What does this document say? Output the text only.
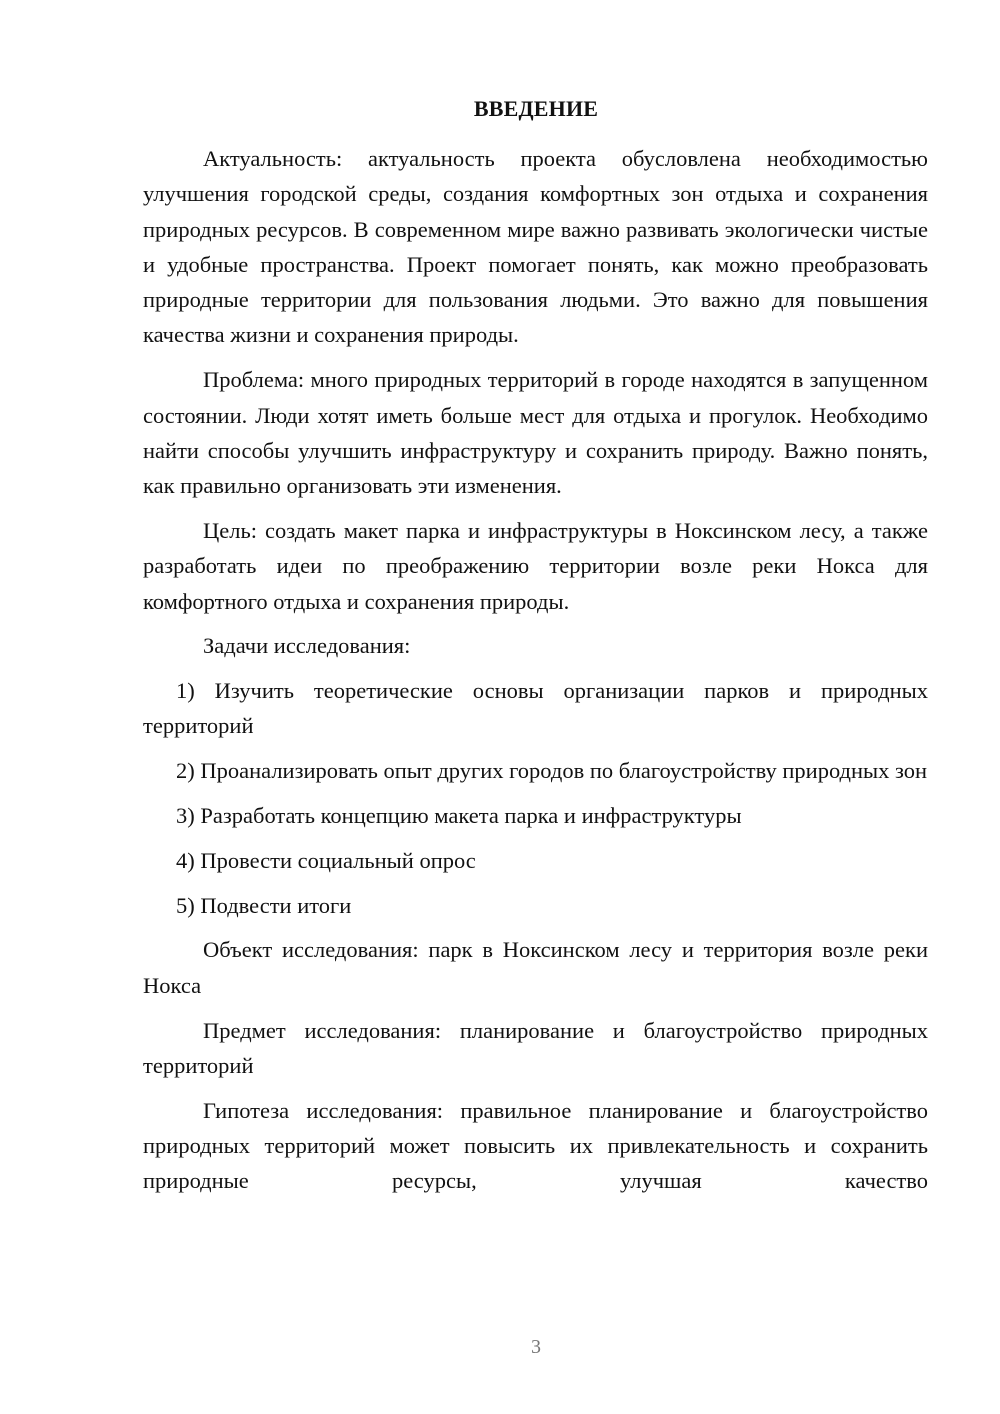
ВВЕДЕНИЕ

Актуальность: актуальность проекта обусловлена необходимостью улучшения городской среды, создания комфортных зон отдыха и сохранения природных ресурсов. В современном мире важно развивать экологически чистые и удобные пространства. Проект помогает понять, как можно преобразовать природные территории для пользования людьми. Это важно для повышения качества жизни и сохранения природы.

Проблема: много природных территорий в городе находятся в запущенном состоянии. Люди хотят иметь больше мест для отдыха и прогулок. Необходимо найти способы улучшить инфраструктуру и сохранить природу. Важно понять, как правильно организовать эти изменения.

Цель: создать макет парка и инфраструктуры в Ноксинском лесу, а также разработать идеи по преображению территории возле реки Нокса для комфортного отдыха и сохранения природы.

Задачи исследования:

1) Изучить теоретические основы организации парков и природных территорий

2) Проанализировать опыт других городов по благоустройству природных зон

3) Разработать концепцию макета парка и инфраструктуры

4) Провести социальный опрос

5) Подвести итоги

Объект исследования: парк в Ноксинском лесу и территория возле реки Нокса

Предмет исследования: планирование и благоустройство природных территорий

Гипотеза исследования: правильное планирование и благоустройство природных территорий может повысить их привлекательность и сохранить природные ресурсы, улучшая качество

3
